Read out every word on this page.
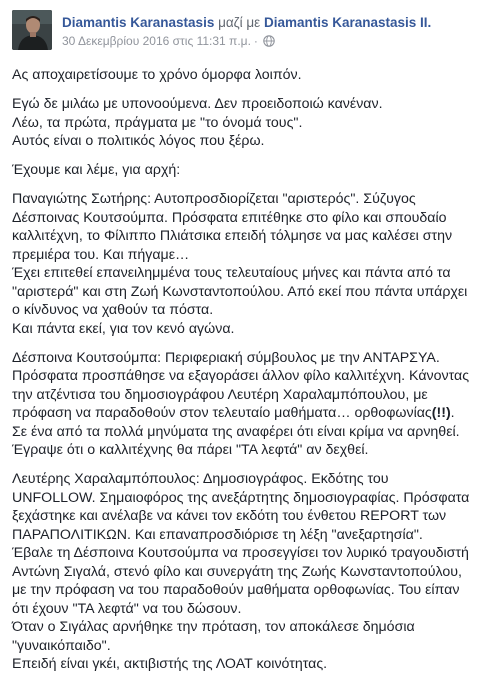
Diamantis Karanastasis μαζί με Diamantis Karanastasis II.
30 Δεκεμβρίου 2016 στις 11:31 π.μ. ·

Ας αποχαιρετίσουμε το χρόνο όμορφα λοιπόν.

Εγώ δε μιλάω με υπονοούμενα. Δεν προειδοποιώ κανέναν.
Λέω, τα πρώτα, πράγματα με "το όνομά τους".
Αυτός είναι ο πολιτικός λόγος που ξέρω.

Έχουμε και λέμε, για αρχή:

Παναγιώτης Σωτήρης: Αυτοπροσδιορίζεται "αριστερός". Σύζυγος Δέσποινας Κουτσούμπα. Πρόσφατα επιτέθηκε στο φίλο και σπουδαίο καλλιτέχνη, το Φίλιππο Πλιάτσικα επειδή τόλμησε να μας καλέσει στην πρεμιέρα του. Και πήγαμε…
Έχει επιτεθεί επανειλημμένα τους τελευταίους μήνες και πάντα από τα "αριστερά" και στη Ζωή Κωνσταντοπούλου. Από εκεί που πάντα υπάρχει ο κίνδυνος να χαθούν τα πόστα.
Και πάντα εκεί, για τον κενό αγώνα.

Δέσποινα Κουτσούμπα: Περιφεριακή σύμβουλος με την ΑΝΤΑΡΣΥΑ. Πρόσφατα προσπάθησε να εξαγοράσει άλλον φίλο καλλιτέχνη. Κάνοντας την ατζέντισα του δημοσιογράφου Λευτέρη Χαραλαμπόπουλου, με πρόφαση να παραδοθούν στον τελευταίο μαθήματα… ορθοφωνίας(!!). Σε ένα από τα πολλά μηνύματα της αναφέρει ότι είναι κρίμα να αρνηθεί.
Έγραψε ότι ο καλλιτέχνης θα πάρει "ΤΑ λεφτά" αν δεχθεί.

Λευτέρης Χαραλαμπόπουλος: Δημοσιογράφος. Εκδότης του UNFOLLOW. Σημαιοφόρος της ανεξάρτητης δημοσιογραφίας. Πρόσφατα ξεχάστηκε και ανέλαβε να κάνει τον εκδότη του ένθετου REPORT των ΠΑΡΑΠΟΛΙΤΙΚΩΝ. Και επαναπροσδιόρισε τη λέξη "ανεξαρτησία".
Έβαλε τη Δέσποινα Κουτσούμπα να προσεγγίσει τον λυρικό τραγουδιστή Αντώνη Σιγαλά, στενό φίλο και συνεργάτη της Ζωής Κωνσταντοπούλου, με την πρόφαση να του παραδοθούν μαθήματα ορθοφωνίας. Του είπαν ότι έχουν "ΤΑ λεφτά" να του δώσουν.
Όταν ο Σιγάλας αρνήθηκε την πρόταση, τον αποκάλεσε δημόσια "γυναικόπαιδο".
Επειδή είναι γκέι, ακτιβιστής της ΛΟΑΤ κοινότητας.
